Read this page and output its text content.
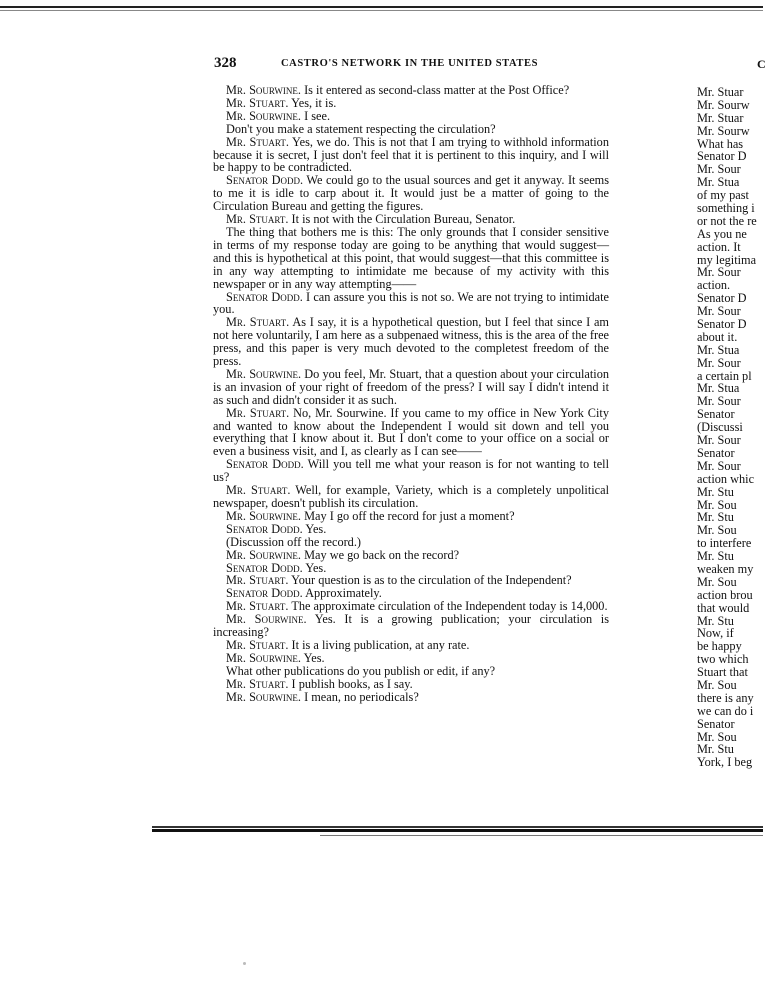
328	CASTRO'S NETWORK IN THE UNITED STATES	C

Mr. Sourwine. Is it entered as second-class matter at the Post Office?

Mr. Stuart. Yes, it is.

Mr. Sourwine. I see.

Don't you make a statement respecting the circulation?

Mr. Stuart. Yes, we do. This is not that I am trying to withhold information because it is secret, I just don't feel that it is pertinent to this inquiry, and I will be happy to be contradicted.

Senator Dodd. We could go to the usual sources and get it anyway. It seems to me it is idle to carp about it. It would just be a matter of going to the Circulation Bureau and getting the figures.

Mr. Stuart. It is not with the Circulation Bureau, Senator.

The thing that bothers me is this: The only grounds that I consider sensitive in terms of my response today are going to be anything that would suggest—and this is hypothetical at this point, that would suggest—that this committee is in any way attempting to intimidate me because of my activity with this newspaper or in any way attempting——

Senator Dodd. I can assure you this is not so. We are not trying to intimidate you.

Mr. Stuart. As I say, it is a hypothetical question, but I feel that since I am not here voluntarily, I am here as a subpenaed witness, this is the area of the free press, and this paper is very much devoted to the completest freedom of the press.

Mr. Sourwine. Do you feel, Mr. Stuart, that a question about your circulation is an invasion of your right of freedom of the press? I will say I didn't intend it as such and didn't consider it as such.

Mr. Stuart. No, Mr. Sourwine. If you came to my office in New York City and wanted to know about the Independent I would sit down and tell you everything that I know about it. But I don't come to your office on a social or even a business visit, and I, as clearly as I can see——

Senator Dodd. Will you tell me what your reason is for not wanting to tell us?

Mr. Stuart. Well, for example, Variety, which is a completely unpolitical newspaper, doesn't publish its circulation.

Mr. Sourwine. May I go off the record for just a moment?

Senator Dodd. Yes.

(Discussion off the record.)

Mr. Sourwine. May we go back on the record?

Senator Dodd. Yes.

Mr. Stuart. Your question is as to the circulation of the Independent?

Senator Dodd. Approximately.

Mr. Stuart. The approximate circulation of the Independent today is 14,000.

Mr. Sourwine. Yes. It is a growing publication; your circulation is increasing?

Mr. Stuart. It is a living publication, at any rate.

Mr. Sourwine. Yes.

What other publications do you publish or edit, if any?

Mr. Stuart. I publish books, as I say.

Mr. Sourwine. I mean, no periodicals?

Mr. Stuar
Mr. Sourw
Mr. Stuar
Mr. Sourw
What has
Senator D
Mr. Sour
Mr. Stua
of my past
something i
or not the re
As you ne
action. It
my legitima
Mr. Sour
action.
Senator D
Mr. Sour
Senator D
about it.
Mr. Stua
Mr. Sour
a certain pl
Mr. Stua
Mr. Sour
Senator
(Discussi
Mr. Sour
Senator
Mr. Sour
action whic
Mr. Stu
Mr. Sou
Mr. Stu
Mr. Sou
to interfere
Mr. Stu
weaken my
Mr. Sou
action brou
that would
Mr. Stu
Now, if
be happy
two which
Stuart that
Mr. Sou
there is any
we can do i
Senator
Mr. Sou
Mr. Stu
York, I beg
